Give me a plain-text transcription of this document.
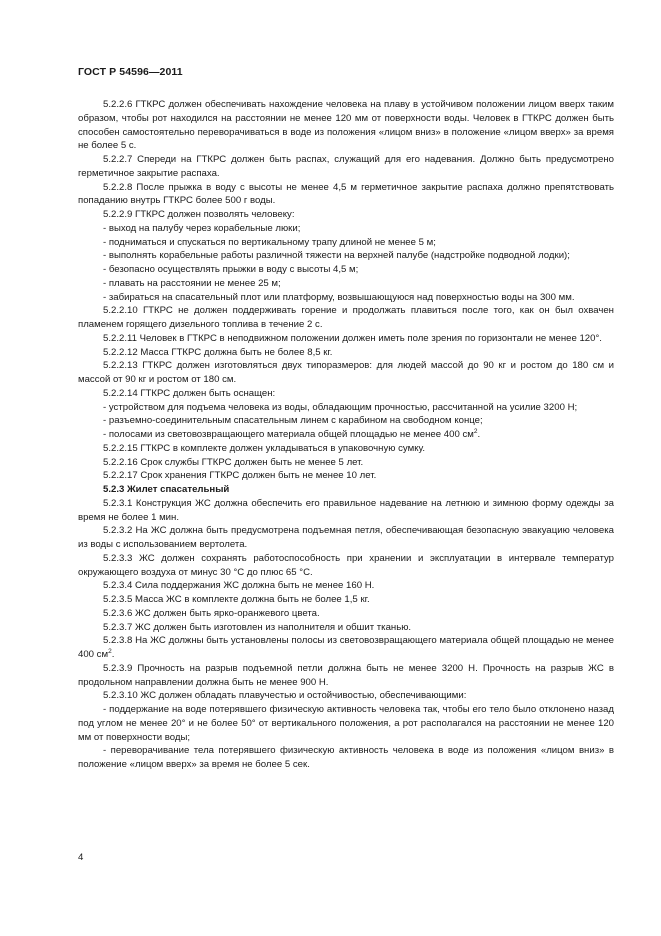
ГОСТ Р 54596—2011

5.2.2.6 ГТКРС должен обеспечивать нахождение человека на плаву в устойчивом положении лицом вверх таким образом, чтобы рот находился на расстоянии не менее 120 мм от поверхности воды. Человек в ГТКРС должен быть способен самостоятельно переворачиваться в воде из положения «лицом вниз» в положение «лицом вверх» за время не более 5 с.

5.2.2.7 Спереди на ГТКРС должен быть распах, служащий для его надевания. Должно быть предусмотрено герметичное закрытие распаха.

5.2.2.8 После прыжка в воду с высоты не менее 4,5 м герметичное закрытие распаха должно препятствовать попаданию внутрь ГТКРС более 500 г воды.

5.2.2.9 ГТКРС должен позволять человеку:

- выход на палубу через корабельные люки;

- подниматься и спускаться по вертикальному трапу длиной не менее 5 м;

- выполнять корабельные работы различной тяжести на верхней палубе (надстройке подводной лодки);

- безопасно осуществлять прыжки в воду с высоты 4,5 м;

- плавать на расстоянии не менее 25 м;

- забираться на спасательный плот или платформу, возвышающуюся над поверхностью воды на 300 мм.

5.2.2.10 ГТКРС не должен поддерживать горение и продолжать плавиться после того, как он был охвачен пламенем горящего дизельного топлива в течение 2 с.

5.2.2.11 Человек в ГТКРС в неподвижном положении должен иметь поле зрения по горизонтали не менее 120°.

5.2.2.12 Масса ГТКРС должна быть не более 8,5 кг.

5.2.2.13 ГТКРС должен изготовляться двух типоразмеров: для людей массой до 90 кг и ростом до 180 см и массой от 90 кг и ростом от 180 см.

5.2.2.14 ГТКРС должен быть оснащен:

- устройством для подъема человека из воды, обладающим прочностью, рассчитанной на усилие 3200 Н;

- разъемно-соединительным спасательным линем с карабином на свободном конце;

- полосами из световозвращающего материала общей площадью не менее 400 $см^2$.

5.2.2.15 ГТКРС в комплекте должен укладываться в упаковочную сумку.

5.2.2.16 Срок службы ГТКРС должен быть не менее 5 лет.

5.2.2.17 Срок хранения ГТКРС должен быть не менее 10 лет.

5.2.3 Жилет спасательный

5.2.3.1 Конструкция ЖС должна обеспечить его правильное надевание на летнюю и зимнюю форму одежды за время не более 1 мин.

5.2.3.2 На ЖС должна быть предусмотрена подъемная петля, обеспечивающая безопасную эвакуацию человека из воды с использованием вертолета.

5.2.3.3 ЖС должен сохранять работоспособность при хранении и эксплуатации в интервале температур окружающего воздуха от минус 30 °С до плюс 65 °С.

5.2.3.4 Сила поддержания ЖС должна быть не менее 160 Н.

5.2.3.5 Масса ЖС в комплекте должна быть не более 1,5 кг.

5.2.3.6 ЖС должен быть ярко-оранжевого цвета.

5.2.3.7 ЖС должен быть изготовлен из наполнителя и обшит тканью.

5.2.3.8 На ЖС должны быть установлены полосы из световозвращающего материала общей площадью не менее 400 $см^2$.

5.2.3.9 Прочность на разрыв подъемной петли должна быть не менее 3200 Н. Прочность на разрыв ЖС в продольном направлении должна быть не менее 900 Н.

5.2.3.10 ЖС должен обладать плавучестью и остойчивостью, обеспечивающими:

- поддержание на воде потерявшего физическую активность человека так, чтобы его тело было отклонено назад под углом не менее 20° и не более 50° от вертикального положения, а рот располагался на расстоянии не менее 120 мм от поверхности воды;

- переворачивание тела потерявшего физическую активность человека в воде из положения «лицом вниз» в положение «лицом вверх» за время не более 5 сек.

4
